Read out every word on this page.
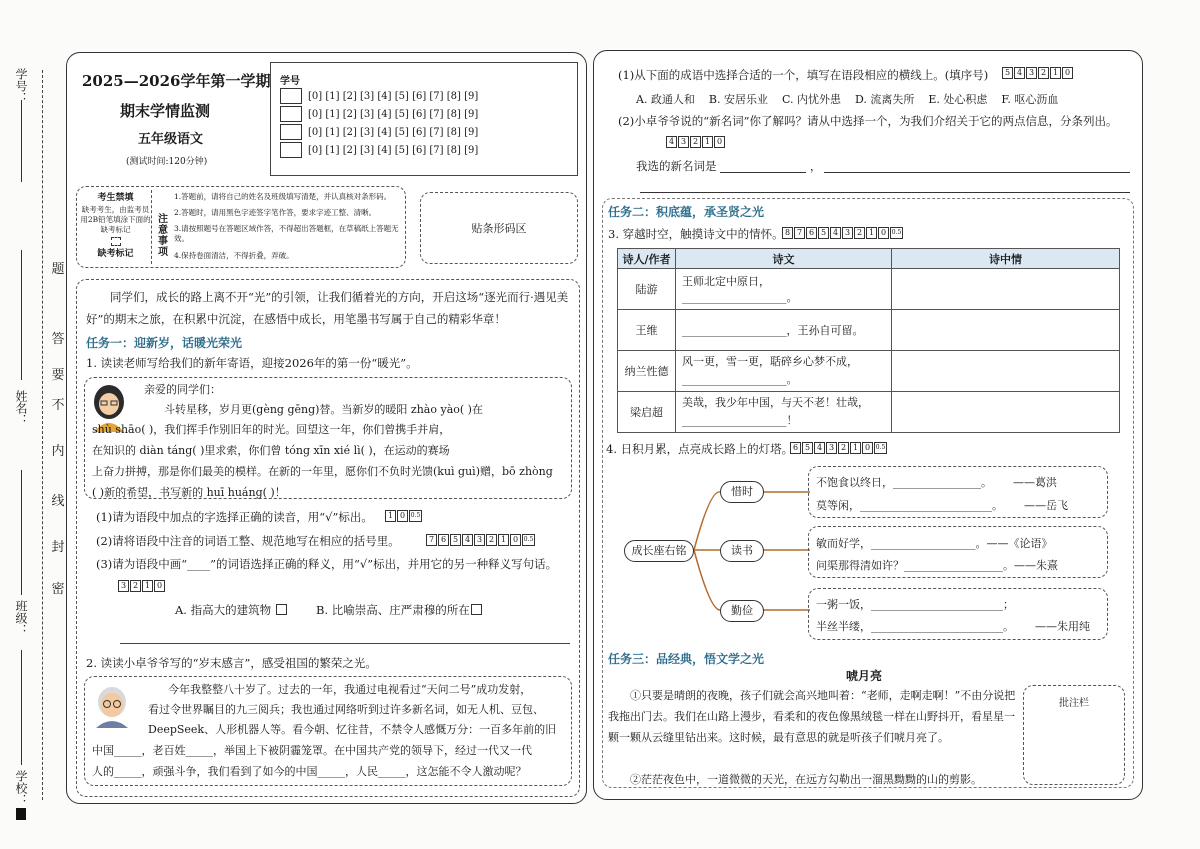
学号：
姓名：
班级：
学校：
题
答
要
不
内
线
封
密
2025—2026学年第一学期
期末学情监测
五年级语文
(测试时间:120分钟)
学号
[0] [1] [2] [3] [4] [5] [6] [7] [8] [9]
[0] [1] [2] [3] [4] [5] [6] [7] [8] [9]
[0] [1] [2] [3] [4] [5] [6] [7] [8] [9]
[0] [1] [2] [3] [4] [5] [6] [7] [8] [9]
考生禁填
缺考考生，由监考员用2B铅笔填涂下面的缺考标记
缺考标记
注意事项
1.答题前，请将自己的姓名及班级填写清楚，并认真核对条形码。
2.答题时，请用黑色字迹签字笔作答，要求字迹工整、清晰。
3.请按照题号在答题区域作答，不得超出答题框，在草稿纸上答题无效。
4.保持卷面清洁，不得折叠，弄破。
贴条形码区
同学们，成长的路上离不开“光”的引领，让我们循着光的方向，开启这场“逐光而行·遇见美好”的期末之旅，在积累中沉淀，在感悟中成长，用笔墨书写属于自己的精彩华章！
任务一：迎新岁，话暖光荣光
1. 读读老师写给我们的新年寄语，迎接2026年的第一份“暖光”。
亲爱的同学们：
斗转星移，岁月更(gèng gēng)替。当新岁的暖阳 zhào yào( )在
shù shāo( )，我们挥手作别旧年的时光。回望这一年，你们曾携手并肩，
在知识的 diàn táng( )里求索，你们曾 tóng xīn xié lì( )，在运动的赛场
上奋力拼搏，那是你们最美的模样。在新的一年里，愿你们不负时光馈(kuì guì)赠，bō zhòng
( )新的希望，书写新的 huī huáng( )！
(1)请为语段中加点的字选择正确的读音，用“√”标出。	1 0 0.5
(2)请将语段中注音的词语工整、规范地写在相应的括号里。	7 6 5 4 3 2 1 0 0.5
(3)请为语段中画“____”的词语选择正确的释义，用“√”标出，并用它的另一种释义写句话。
3 2 1 0
A. 指高大的建筑物	B. 比喻崇高、庄严肃穆的所在
2. 读读小卓爷爷写的“岁末感言”，感受祖国的繁荣之光。
今年我整整八十岁了。过去的一年，我通过电视看过“天问二号”成功发射，
看过令世界瞩目的九三阅兵；我也通过网络听到过许多新名词，如无人机、豆包、
DeepSeek、人形机器人等。看今朝、忆往昔，不禁令人感慨万分：一百多年前的旧
中国_____，老百姓_____，举国上下被阴霾笼罩。在中国共产党的领导下，经过一代又一代
人的_____，顽强斗争，我们看到了如今的中国_____，人民_____，这怎能不令人激动呢？
(1)从下面的成语中选择合适的一个，填写在语段相应的横线上。(填序号)	5 4 3 2 1 0
A. 政通人和    B. 安居乐业    C. 内忧外患    D. 流离失所    E. 处心积虑    F. 呕心沥血
(2)小卓爷爷说的“新名词”你了解吗？请从中选择一个，为我们介绍关于它的两点信息，分条列出。
4 3 2 1 0
我选的新名词是	，
任务二：积底蕴，承圣贤之光
3. 穿越时空，触摸诗文中的情怀。 8 7 6 5 4 3 2 1 0 0.5
诗人/作者	诗文	诗中情
陆游	王师北定中原日，___________________。	
王维	___________________，王孙自可留。	
纳兰性德	风一更，雪一更，聒碎乡心梦不成，___________________。	
梁启超	美哉，我少年中国，与天不老！壮哉，___________________！	
4. 日积月累，点亮成长路上的灯塔。 6 5 4 3 2 1 0 0.5
成长座右铭
惜时
读书
勤俭
不饱食以终日，________________。      ——葛洪
莫等闲，________________________。      ——岳飞
敏而好学，___________________。——《论语》
问渠那得清如许？__________________。——朱熹
一粥一饭，________________________；
半丝半缕，________________________。      ——朱用纯
任务三：品经典，悟文学之光
唬月亮
①只要是晴朗的夜晚，孩子们就会高兴地叫着：“老师，走啊走啊！”不由分说把我拖出门去。我们在山路上漫步，看柔和的夜色像黑绒毯一样在山野抖开，看星星一颗一颗从云缝里钻出来。这时候，最有意思的就是听孩子们唬月亮了。
②茫茫夜色中，一道微微的天光，在远方勾勒出一溜黑黝黝的山的剪影。
批注栏
